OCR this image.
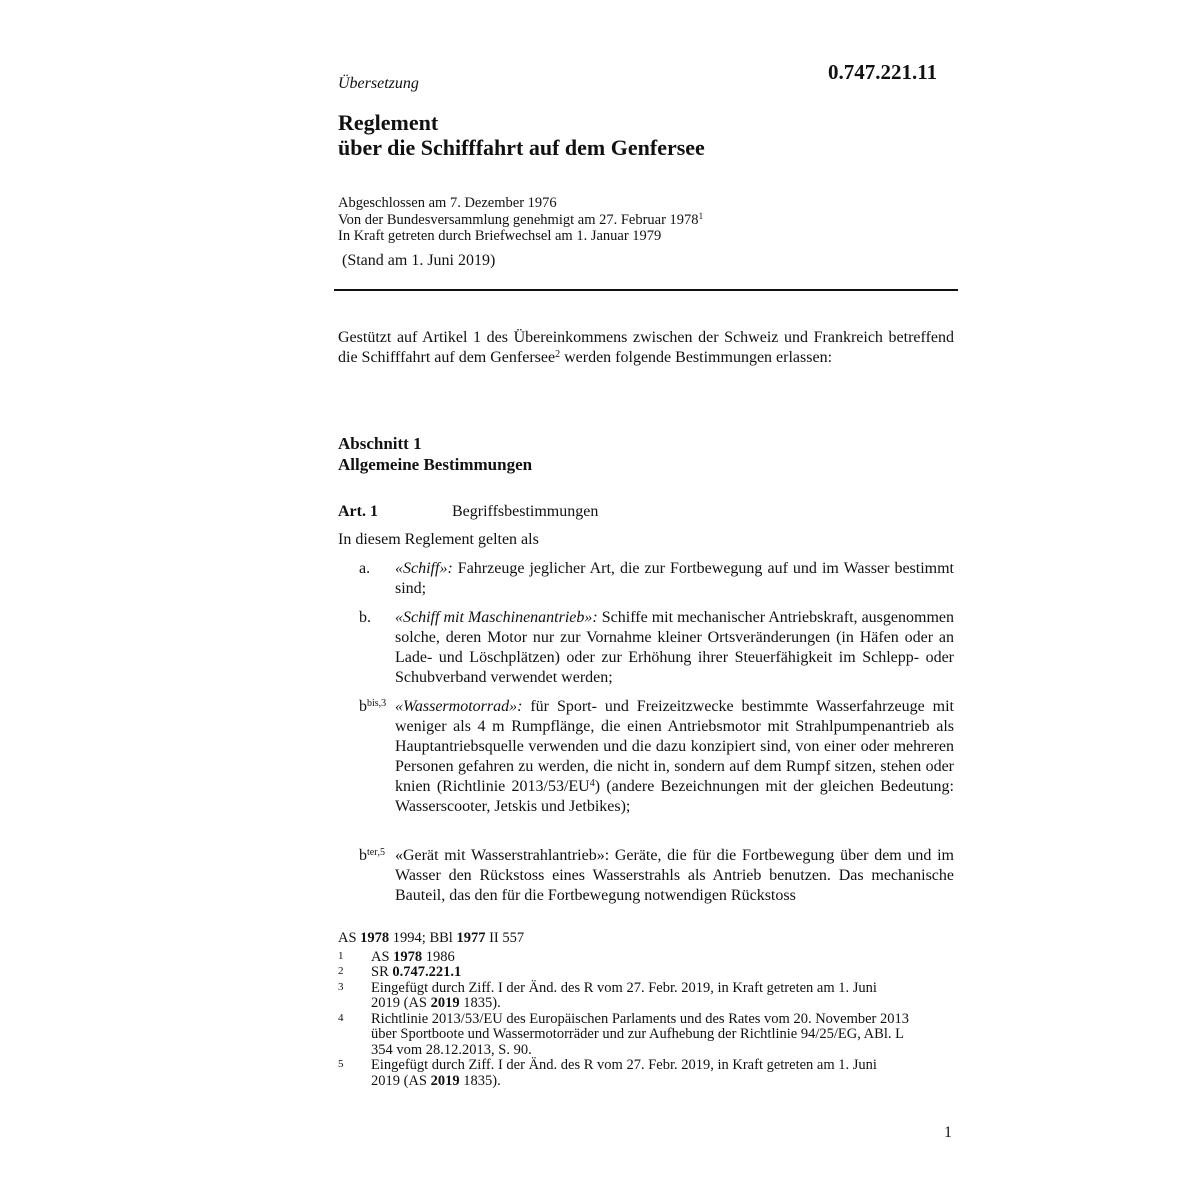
0.747.221.11
Übersetzung
Reglement
über die Schifffahrt auf dem Genfersee
Abgeschlossen am 7. Dezember 1976
Von der Bundesversammlung genehmigt am 27. Februar 1978$^1$
In Kraft getreten durch Briefwechsel am 1. Januar 1979
(Stand am 1. Juni 2019)
Gestützt auf Artikel 1 des Übereinkommens zwischen der Schweiz und Frankreich betreffend die Schifffahrt auf dem Genfersee$^2$ werden folgende Bestimmungen erlassen:
Abschnitt 1
Allgemeine Bestimmungen
Art. 1	Begriffsbestimmungen
In diesem Reglement gelten als
a. «Schiff»: Fahrzeuge jeglicher Art, die zur Fortbewegung auf und im Wasser bestimmt sind;
b. «Schiff mit Maschinenantrieb»: Schiffe mit mechanischer Antriebskraft, ausgenommen solche, deren Motor nur zur Vornahme kleiner Ortsveränderungen (in Häfen oder an Lade- und Löschplätzen) oder zur Erhöhung ihrer Steuerfähigkeit im Schlepp- oder Schubverband verwendet werden;
$b^{bis,3}$ «Wassermotorrad»: für Sport- und Freizeitzwecke bestimmte Wasserfahrzeuge mit weniger als 4 m Rumpflänge, die einen Antriebsmotor mit Strahlpumpenantrieb als Hauptantriebsquelle verwenden und die dazu konzipiert sind, von einer oder mehreren Personen gefahren zu werden, die nicht in, sondern auf dem Rumpf sitzen, stehen oder knien (Richtlinie $2013/53/EU^4$) (andere Bezeichnungen mit der gleichen Bedeutung: Wasserscooter, Jetskis und Jetbikes);
$b^{ter,5}$ «Gerät mit Wasserstrahlantrieb»: Geräte, die für die Fortbewegung über dem und im Wasser den Rückstoss eines Wasserstrahls als Antrieb benutzen. Das mechanische Bauteil, das den für die Fortbewegung notwendigen Rückstoss
AS 1978 1994; BBl 1977 II 557
1 AS 1978 1986
2 SR 0.747.221.1
3 Eingefügt durch Ziff. I der Änd. des R vom 27. Febr. 2019, in Kraft getreten am 1. Juni 2019 (AS 2019 1835).
4 Richtlinie 2013/53/EU des Europäischen Parlaments und des Rates vom 20. November 2013 über Sportboote und Wassermotorräder und zur Aufhebung der Richtlinie 94/25/EG, ABl. L 354 vom 28.12.2013, S. 90.
5 Eingefügt durch Ziff. I der Änd. des R vom 27. Febr. 2019, in Kraft getreten am 1. Juni 2019 (AS 2019 1835).
1
